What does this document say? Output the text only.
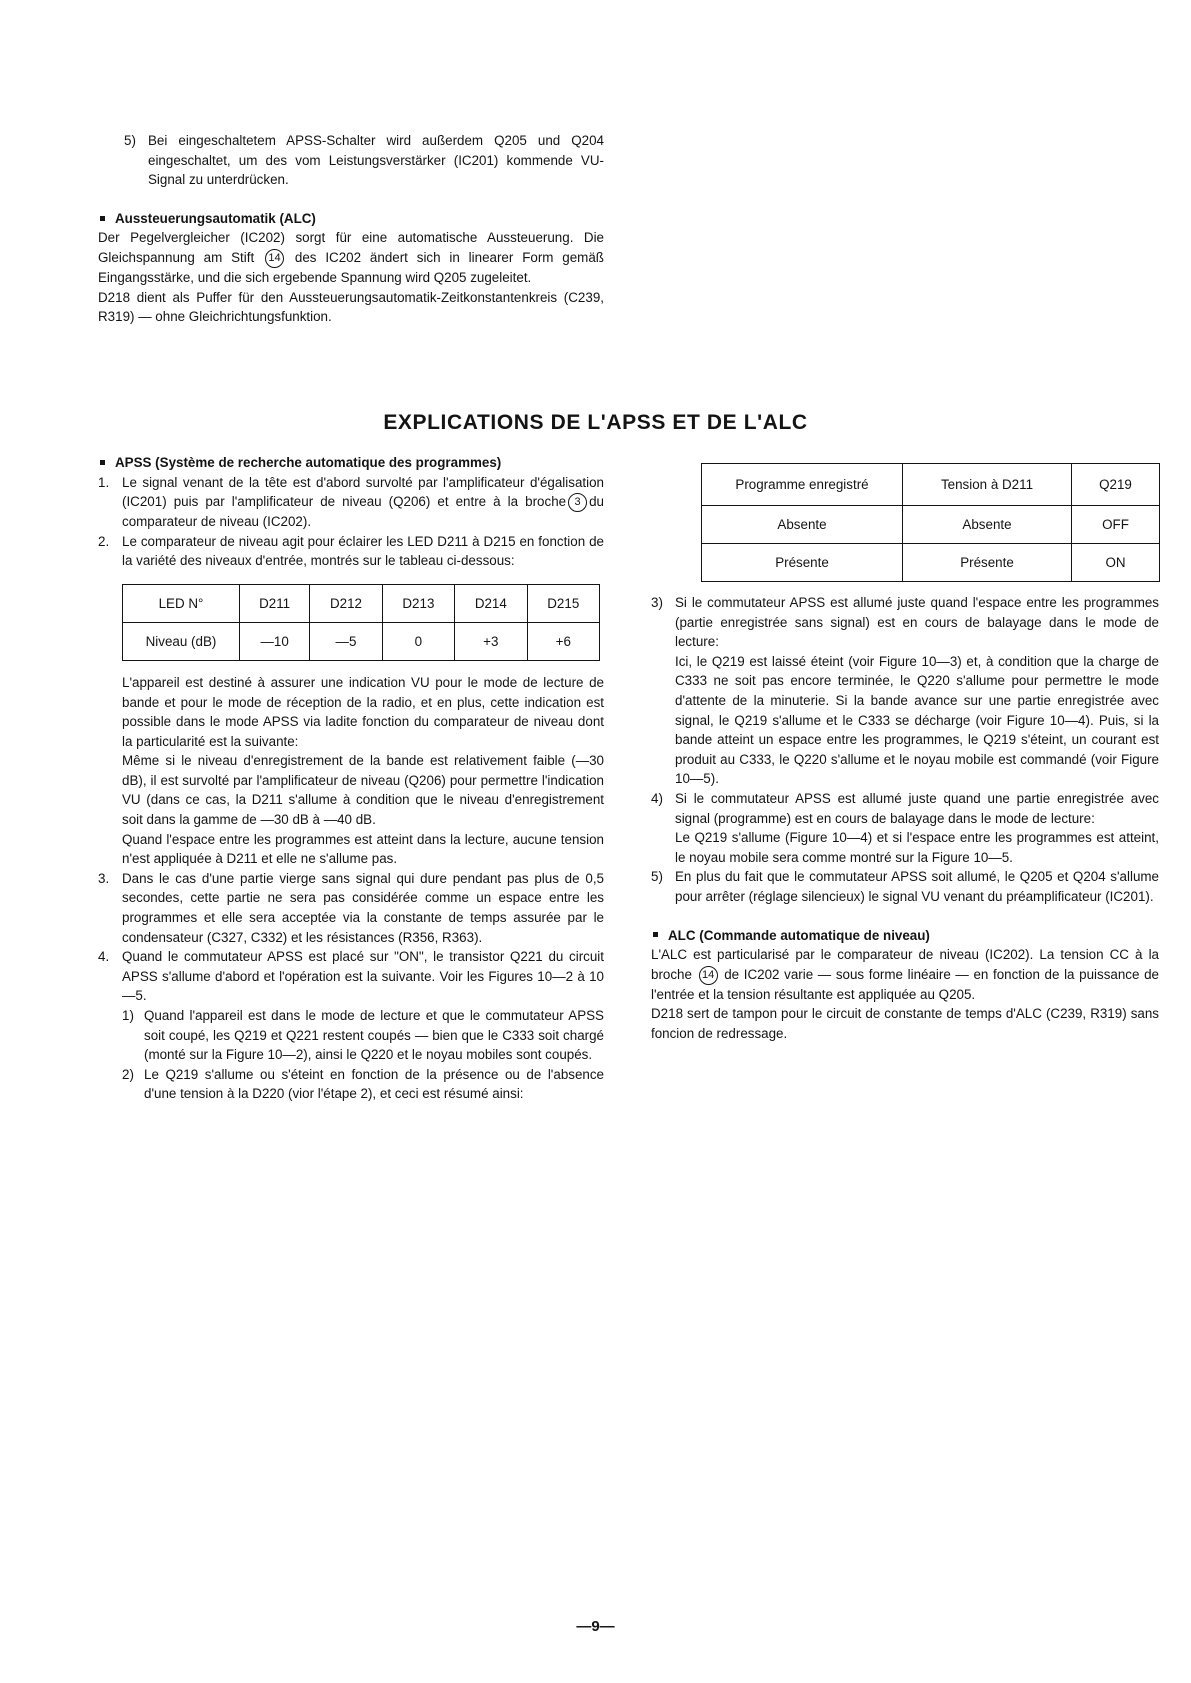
5) Bei eingeschaltetem APSS-Schalter wird außerdem Q205 und Q204 eingeschaltet, um des vom Leistungsverstärker (IC201) kommende VU-Signal zu unterdrücken.

Aussteuerungsautomatik (ALC)

Der Pegelvergleicher (IC202) sorgt für eine automatische Aussteuerung. Die Gleichspannung am Stift 14 des IC202 ändert sich in linearer Form gemäß Eingangsstärke, und die sich ergebende Spannung wird Q205 zugeleitet.

D218 dient als Puffer für den Aussteuerungsautomatik-Zeitkonstantenkreis (C239, R319) — ohne Gleichrichtungsfunktion.

EXPLICATIONS DE L'APSS ET DE L'ALC

APSS (Système de recherche automatique des programmes)

1. Le signal venant de la tête est d'abord survolté par l'amplificateur d'égalisation (IC201) puis par l'amplificateur de niveau (Q206) et entre à la broche 3 du comparateur de niveau (IC202).
2. Le comparateur de niveau agit pour éclairer les LED D211 à D215 en fonction de la variété des niveaux d'entrée, montrés sur le tableau ci-dessous:
LED N°	D211	D212	D213	D214	D215
Niveau (dB)	—10	—5	0	+3	+6

L'appareil est destiné à assurer une indication VU pour le mode de lecture de bande et pour le mode de réception de la radio, et en plus, cette indication est possible dans le mode APSS via ladite fonction du comparateur de niveau dont la particularité est la suivante:

Même si le niveau d'enregistrement de la bande est relativement faible (—30 dB), il est survolté par l'amplificateur de niveau (Q206) pour permettre l'indication VU (dans ce cas, la D211 s'allume à condition que le niveau d'enregistrement soit dans la gamme de —30 dB à —40 dB.

Quand l'espace entre les programmes est atteint dans la lecture, aucune tension n'est appliquée à D211 et elle ne s'allume pas.

3. Dans le cas d'une partie vierge sans signal qui dure pendant pas plus de 0,5 secondes, cette partie ne sera pas considérée comme un espace entre les programmes et elle sera acceptée via la constante de temps assurée par le condensateur (C327, C332) et les résistances (R356, R363).
4. Quand le commutateur APSS est placé sur "ON", le transistor Q221 du circuit APSS s'allume d'abord et l'opération est la suivante. Voir les Figures 10—2 à 10—5.
1) Quand l'appareil est dans le mode de lecture et que le commutateur APSS soit coupé, les Q219 et Q221 restent coupés — bien que le C333 soit chargé (monté sur la Figure 10—2), ainsi le Q220 et le noyau mobiles sont coupés.
2) Le Q219 s'allume ou s'éteint en fonction de la présence ou de l'absence d'une tension à la D220 (vior l'étape 2), et ceci est résumé ainsi:
Programme enregistré	Tension à D211	Q219
Absente	Absente	OFF
Présente	Présente	ON
3) Si le commutateur APSS est allumé juste quand l'espace entre les programmes (partie enregistrée sans signal) est en cours de balayage dans le mode de lecture:
Ici, le Q219 est laissé éteint (voir Figure 10—3) et, à condition que la charge de C333 ne soit pas encore terminée, le Q220 s'allume pour permettre le mode d'attente de la minuterie. Si la bande avance sur une partie enregistrée avec signal, le Q219 s'allume et le C333 se décharge (voir Figure 10—4). Puis, si la bande atteint un espace entre les programmes, le Q219 s'éteint, un courant est produit au C333, le Q220 s'allume et le noyau mobile est commandé (voir Figure 10—5).
4) Si le commutateur APSS est allumé juste quand une partie enregistrée avec signal (programme) est en cours de balayage dans le mode de lecture:
Le Q219 s'allume (Figure 10—4) et si l'espace entre les programmes est atteint, le noyau mobile sera comme montré sur la Figure 10—5.
5) En plus du fait que le commutateur APSS soit allumé, le Q205 et Q204 s'allume pour arrêter (réglage silencieux) le signal VU venant du préamplificateur (IC201).

ALC (Commande automatique de niveau)

L'ALC est particularisé par le comparateur de niveau (IC202). La tension CC à la broche 14 de IC202 varie — sous forme linéaire — en fonction de la puissance de l'entrée et la tension résultante est appliquée au Q205.

D218 sert de tampon pour le circuit de constante de temps d'ALC (C239, R319) sans foncion de redressage.

—9—
